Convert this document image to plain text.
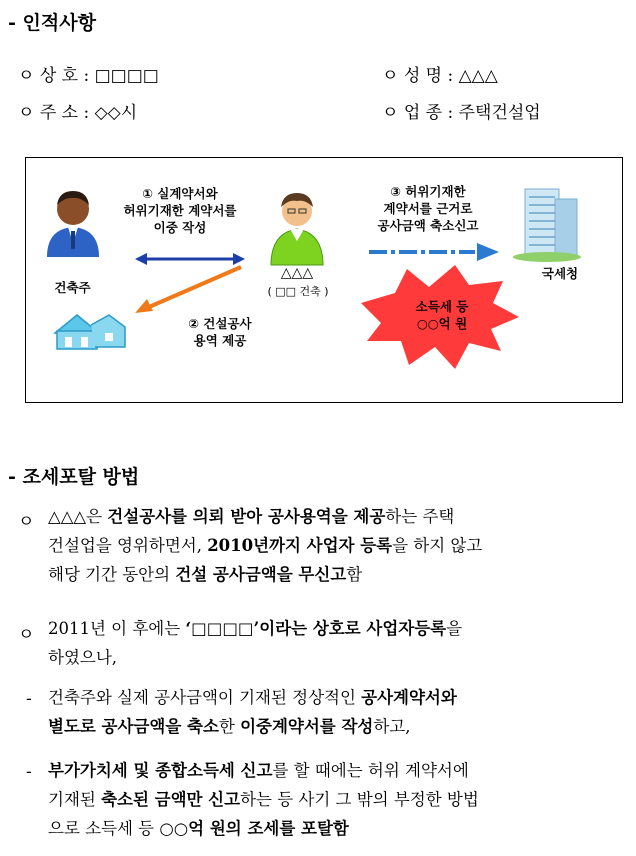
- 인적사항
ㅇ 상 호 : □□□□	ㅇ 성 명 : △△△
ㅇ 주 소 : ◇◇시	ㅇ 업 종 : 주택건설업
① 실계약서와
허위기재한 계약서를
이중 작성
건축주
△△△
( □□ 건축 )
② 건설공사
용역 제공
③ 허위기재한
계약서를 근거로
공사금액 축소신고
국세청
소득세 등
○○억 원
- 조세포탈 방법
ㅇ △△△은 건설공사를 의뢰 받아 공사용역을 제공하는 주택
건설업을 영위하면서, 2010년까지 사업자 등록을 하지 않고
해당 기간 동안의 건설 공사금액을 무신고함
ㅇ 2011년 이 후에는 ‘□□□□’이라는 상호로 사업자등록을
하였으나,
- 건축주와 실제 공사금액이 기재된 정상적인 공사계약서와
별도로 공사금액을 축소한 이중계약서를 작성하고,
- 부가가치세 및 종합소득세 신고를 할 때에는 허위 계약서에
기재된 축소된 금액만 신고하는 등 사기 그 밖의 부정한 방법
으로 소득세 등 ○○억 원의 조세를 포탈함
